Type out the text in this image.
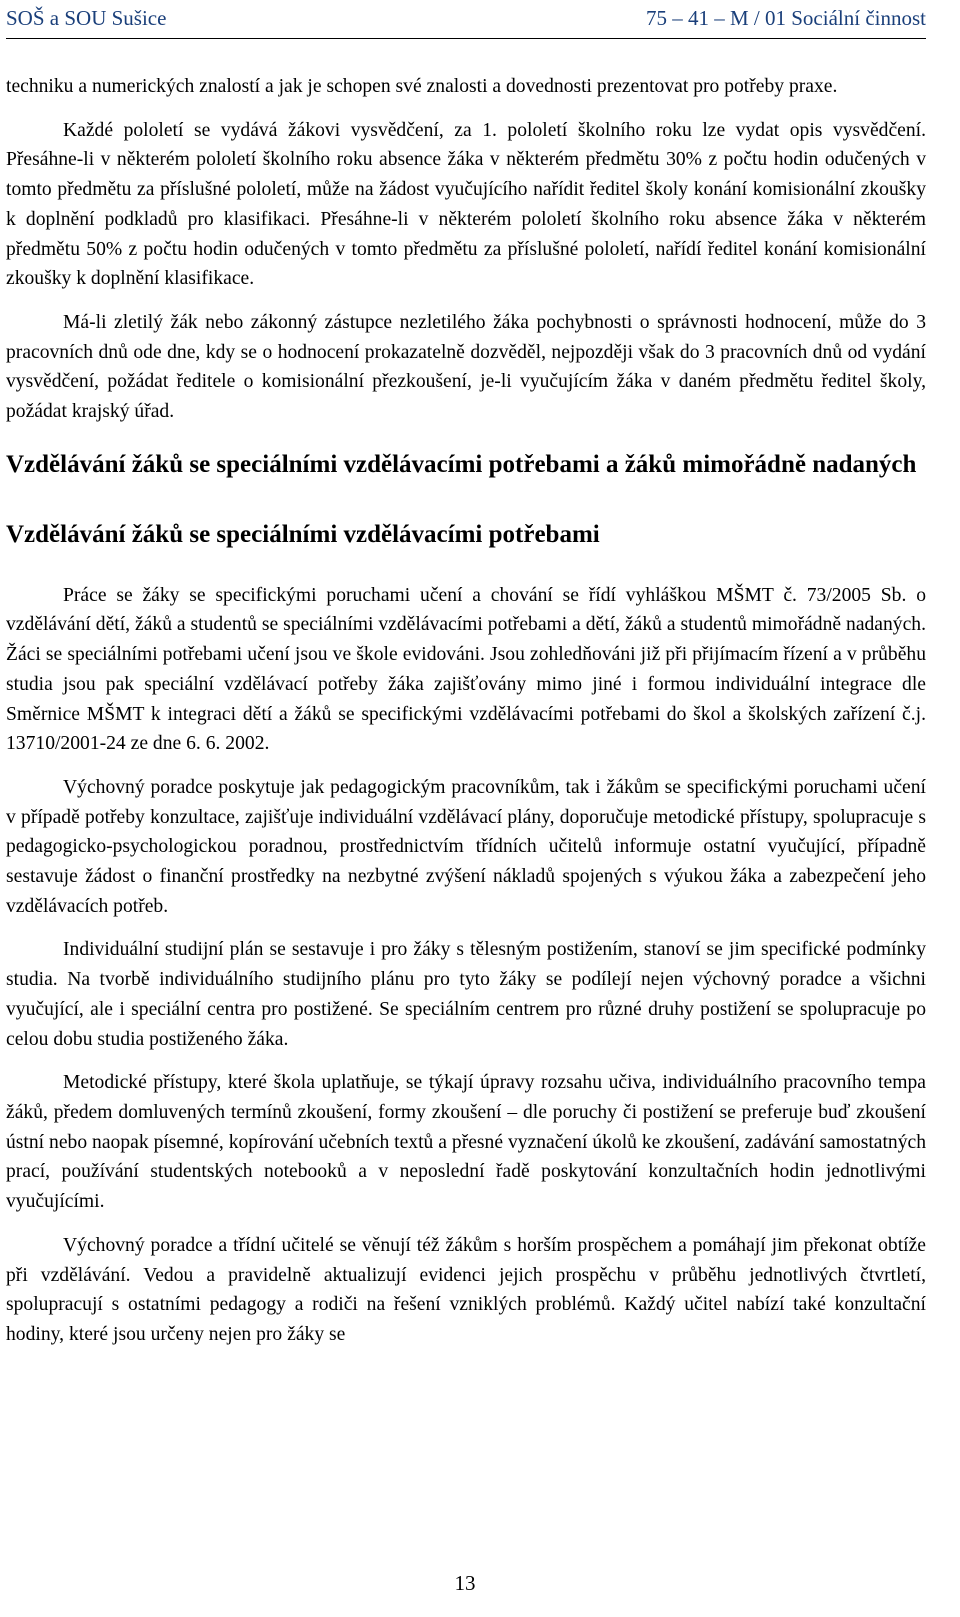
SOŠ a SOU Sušice	75 – 41 – M / 01 Sociální činnost

techniku a numerických znalostí a jak je schopen své znalosti a dovednosti prezentovat pro potřeby praxe.

Každé pololetí se vydává žákovi vysvědčení, za 1. pololetí školního roku lze vydat opis vysvědčení. Přesáhne-li v některém pololetí školního roku absence žáka v některém předmětu 30% z počtu hodin odučených v tomto předmětu za příslušné pololetí, může na žádost vyučujícího nařídit ředitel školy konání komisionální zkoušky k doplnění podkladů pro klasifikaci. Přesáhne-li v některém pololetí školního roku absence žáka v některém předmětu 50% z počtu hodin odučených v tomto předmětu za příslušné pololetí, nařídí ředitel konání komisionální zkoušky k doplnění klasifikace.

Má-li zletilý žák nebo zákonný zástupce nezletilého žáka pochybnosti o správnosti hodnocení, může do 3 pracovních dnů ode dne, kdy se o hodnocení prokazatelně dozvěděl, nejpozději však do 3 pracovních dnů od vydání vysvědčení, požádat ředitele o komisionální přezkoušení, je-li vyučujícím žáka v daném předmětu ředitel školy, požádat krajský úřad.

Vzdělávání žáků se speciálními vzdělávacími potřebami a žáků mimořádně nadaných

Vzdělávání žáků se speciálními vzdělávacími potřebami

Práce se žáky se specifickými poruchami učení a chování se řídí vyhláškou MŠMT č. 73/2005 Sb. o vzdělávání dětí, žáků a studentů se speciálními vzdělávacími potřebami a dětí, žáků a studentů mimořádně nadaných. Žáci se speciálními potřebami učení jsou ve škole evidováni. Jsou zohledňováni již při přijímacím řízení a v průběhu studia jsou pak speciální vzdělávací potřeby žáka zajišťovány mimo jiné i formou individuální integrace dle Směrnice MŠMT k integraci dětí a žáků se specifickými vzdělávacími potřebami do škol a školských zařízení č.j. 13710/2001-24 ze dne 6. 6. 2002.

Výchovný poradce poskytuje jak pedagogickým pracovníkům, tak i žákům se specifickými poruchami učení v případě potřeby konzultace, zajišťuje individuální vzdělávací plány, doporučuje metodické přístupy, spolupracuje s pedagogicko-psychologickou poradnou, prostřednictvím třídních učitelů informuje ostatní vyučující, případně sestavuje žádost o finanční prostředky na nezbytné zvýšení nákladů spojených s výukou žáka a zabezpečení jeho vzdělávacích potřeb.

Individuální studijní plán se sestavuje i pro žáky s tělesným postižením, stanoví se jim specifické podmínky studia. Na tvorbě individuálního studijního plánu pro tyto žáky se podílejí nejen výchovný poradce a všichni vyučující, ale i speciální centra pro postižené. Se speciálním centrem pro různé druhy postižení se spolupracuje po celou dobu studia postiženého žáka.

Metodické přístupy, které škola uplatňuje, se týkají úpravy rozsahu učiva, individuálního pracovního tempa žáků, předem domluvených termínů zkoušení, formy zkoušení – dle poruchy či postižení se preferuje buď zkoušení ústní nebo naopak písemné, kopírování učebních textů a přesné vyznačení úkolů ke zkoušení, zadávání samostatných prací, používání studentských notebooků a v neposlední řadě poskytování konzultačních hodin jednotlivými vyučujícími.

Výchovný poradce a třídní učitelé se věnují též žákům s horším prospěchem a pomáhají jim překonat obtíže při vzdělávání. Vedou a pravidelně aktualizují evidenci jejich prospěchu v průběhu jednotlivých čtvrtletí, spolupracují s ostatními pedagogy a rodiči na řešení vzniklých problémů. Každý učitel nabízí také konzultační hodiny, které jsou určeny nejen pro žáky se

13
